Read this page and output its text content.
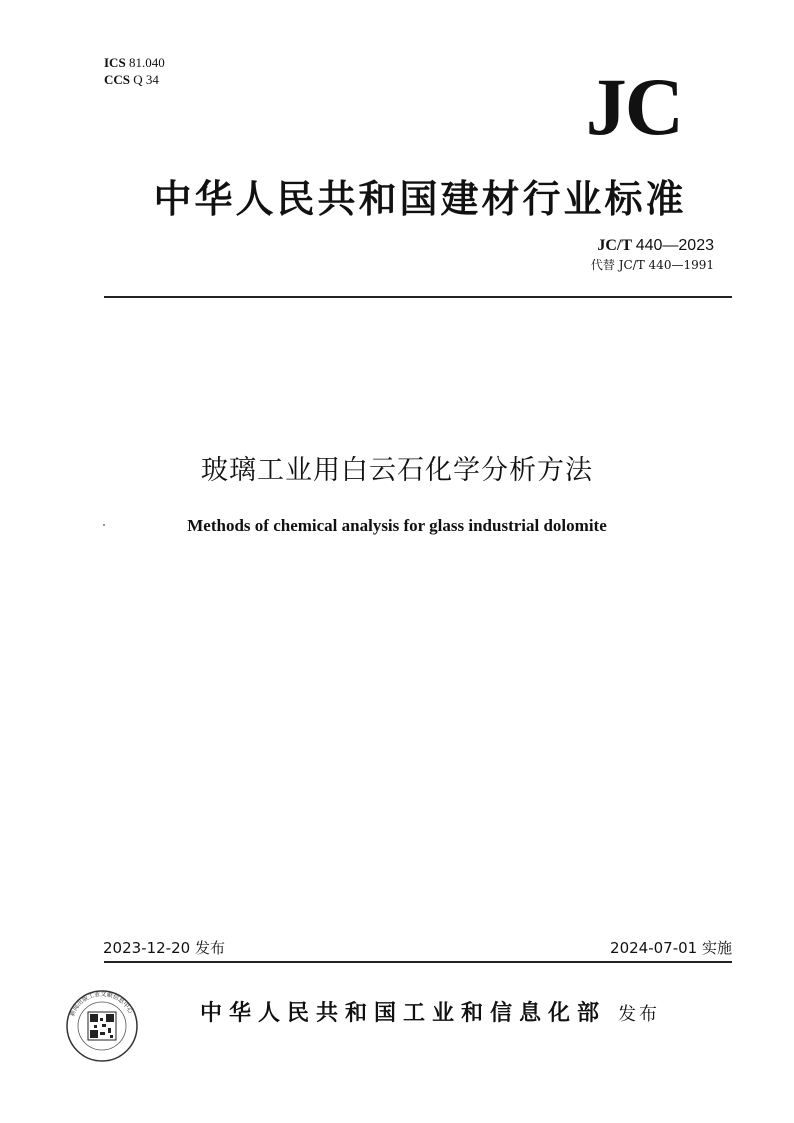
ICS 81.040
CCS Q 34	JC
中华人民共和国建材行业标准
JC/T 440—2023
代替 JC/T 440—1991
玻璃工业用白云石化学分析方法
Methods of chemical analysis for glass industrial dolomite
2023-12-20 发布	2024-07-01 实施
新闻出版工业文献信息中心	中华人民共和国工业和信息化部 发布
